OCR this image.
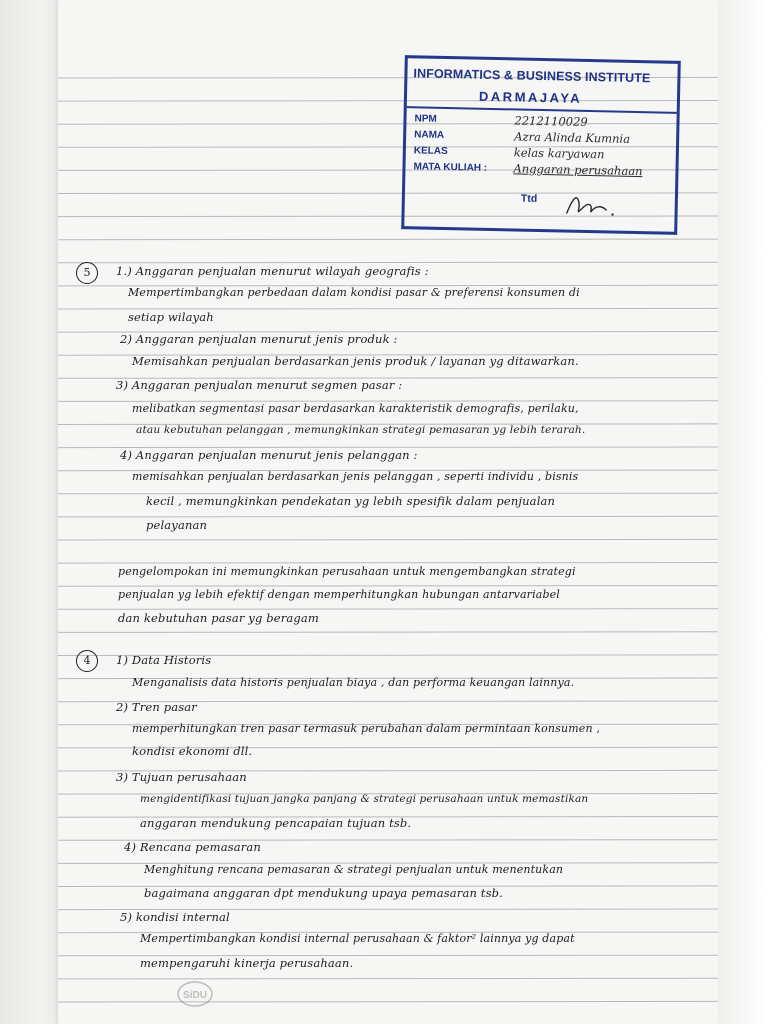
INFORMATICS & BUSINESS INSTITUTE
DARMAJAYA
NPM
NAMA
KELAS
MATA KULIAH :
2212110029
Azra Alinda Kumnia
kelas karyawan
Anggaran perusahaan
Ttd
5	1.) Anggaran penjualan menurut wilayah geografis :
Mempertimbangkan perbedaan dalam kondisi pasar & preferensi konsumen di
setiap wilayah
2) Anggaran penjualan menurut jenis produk :
Memisahkan penjualan berdasarkan jenis produk / layanan yg ditawarkan.
3) Anggaran penjualan menurut segmen pasar :
melibatkan segmentasi pasar berdasarkan karakteristik demografis, perilaku,
atau kebutuhan pelanggan , memungkinkan strategi pemasaran yg lebih terarah.
4) Anggaran penjualan menurut jenis pelanggan :
memisahkan penjualan berdasarkan jenis pelanggan , seperti individu , bisnis
kecil , memungkinkan pendekatan yg lebih spesifik dalam penjualan
pelayanan
pengelompokan ini memungkinkan perusahaan untuk mengembangkan strategi
penjualan yg lebih efektif dengan memperhitungkan hubungan antarvariabel
dan kebutuhan pasar yg beragam
4	1) Data Historis
Menganalisis data historis penjualan biaya , dan performa keuangan lainnya.
2) Tren pasar
memperhitungkan tren pasar termasuk perubahan dalam permintaan konsumen ,
kondisi ekonomi dll.
3) Tujuan perusahaan
mengidentifikasi tujuan jangka panjang & strategi perusahaan untuk memastikan
anggaran mendukung pencapaian tujuan tsb.
4) Rencana pemasaran
Menghitung rencana pemasaran & strategi penjualan untuk menentukan
bagaimana anggaran dpt mendukung upaya pemasaran tsb.
5) kondisi internal
Mempertimbangkan kondisi internal perusahaan & faktor² lainnya yg dapat
mempengaruhi kinerja perusahaan.
SiDU
